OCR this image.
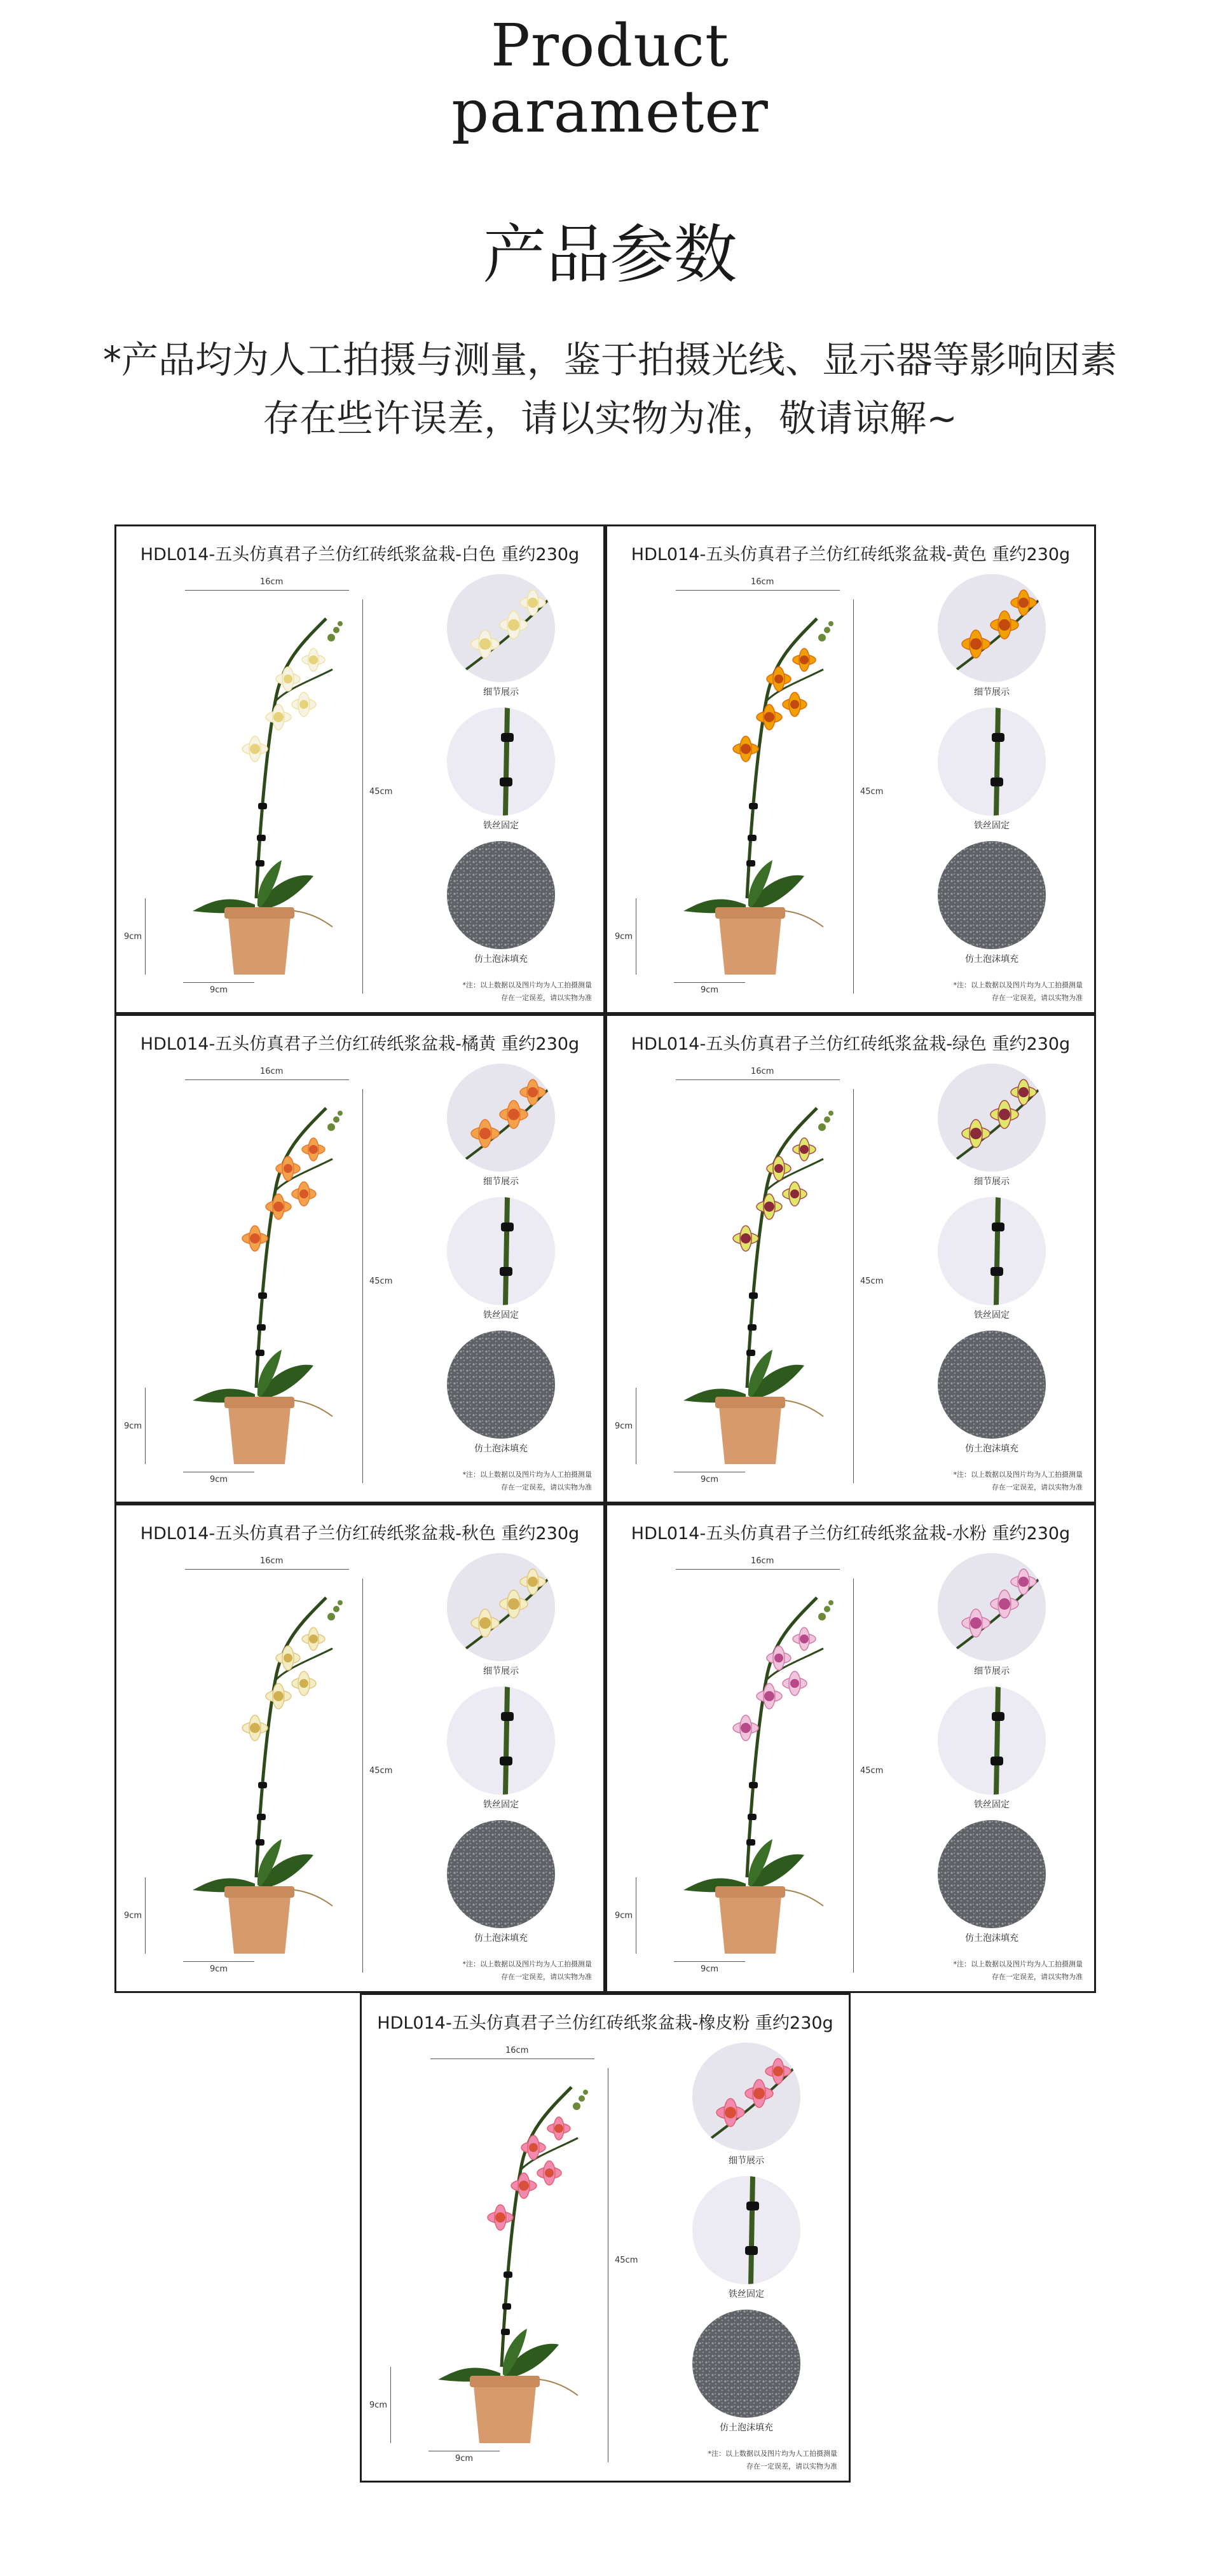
Product
parameter
产品参数
*产品均为人工拍摄与测量，鉴于拍摄光线、显示器等影响因素
存在些许误差，请以实物为准，敬请谅解~
HDL014-五头仿真君子兰仿红砖纸浆盆栽-白色 重约230g
16cm
45cm
9cm
9cm
细节展示
铁丝固定
仿土泡沫填充
*注：以上数据以及图片均为人工拍摄测量
存在一定误差，请以实物为准
HDL014-五头仿真君子兰仿红砖纸浆盆栽-黄色 重约230g
16cm
45cm
9cm
9cm
细节展示
铁丝固定
仿土泡沫填充
*注：以上数据以及图片均为人工拍摄测量
存在一定误差，请以实物为准
HDL014-五头仿真君子兰仿红砖纸浆盆栽-橘黄 重约230g
16cm
45cm
9cm
9cm
细节展示
铁丝固定
仿土泡沫填充
*注：以上数据以及图片均为人工拍摄测量
存在一定误差，请以实物为准
HDL014-五头仿真君子兰仿红砖纸浆盆栽-绿色 重约230g
16cm
45cm
9cm
9cm
细节展示
铁丝固定
仿土泡沫填充
*注：以上数据以及图片均为人工拍摄测量
存在一定误差，请以实物为准
HDL014-五头仿真君子兰仿红砖纸浆盆栽-秋色 重约230g
16cm
45cm
9cm
9cm
细节展示
铁丝固定
仿土泡沫填充
*注：以上数据以及图片均为人工拍摄测量
存在一定误差，请以实物为准
HDL014-五头仿真君子兰仿红砖纸浆盆栽-水粉 重约230g
16cm
45cm
9cm
9cm
细节展示
铁丝固定
仿土泡沫填充
*注：以上数据以及图片均为人工拍摄测量
存在一定误差，请以实物为准
HDL014-五头仿真君子兰仿红砖纸浆盆栽-橡皮粉 重约230g
16cm
45cm
9cm
9cm
细节展示
铁丝固定
仿土泡沫填充
*注：以上数据以及图片均为人工拍摄测量
存在一定误差，请以实物为准
